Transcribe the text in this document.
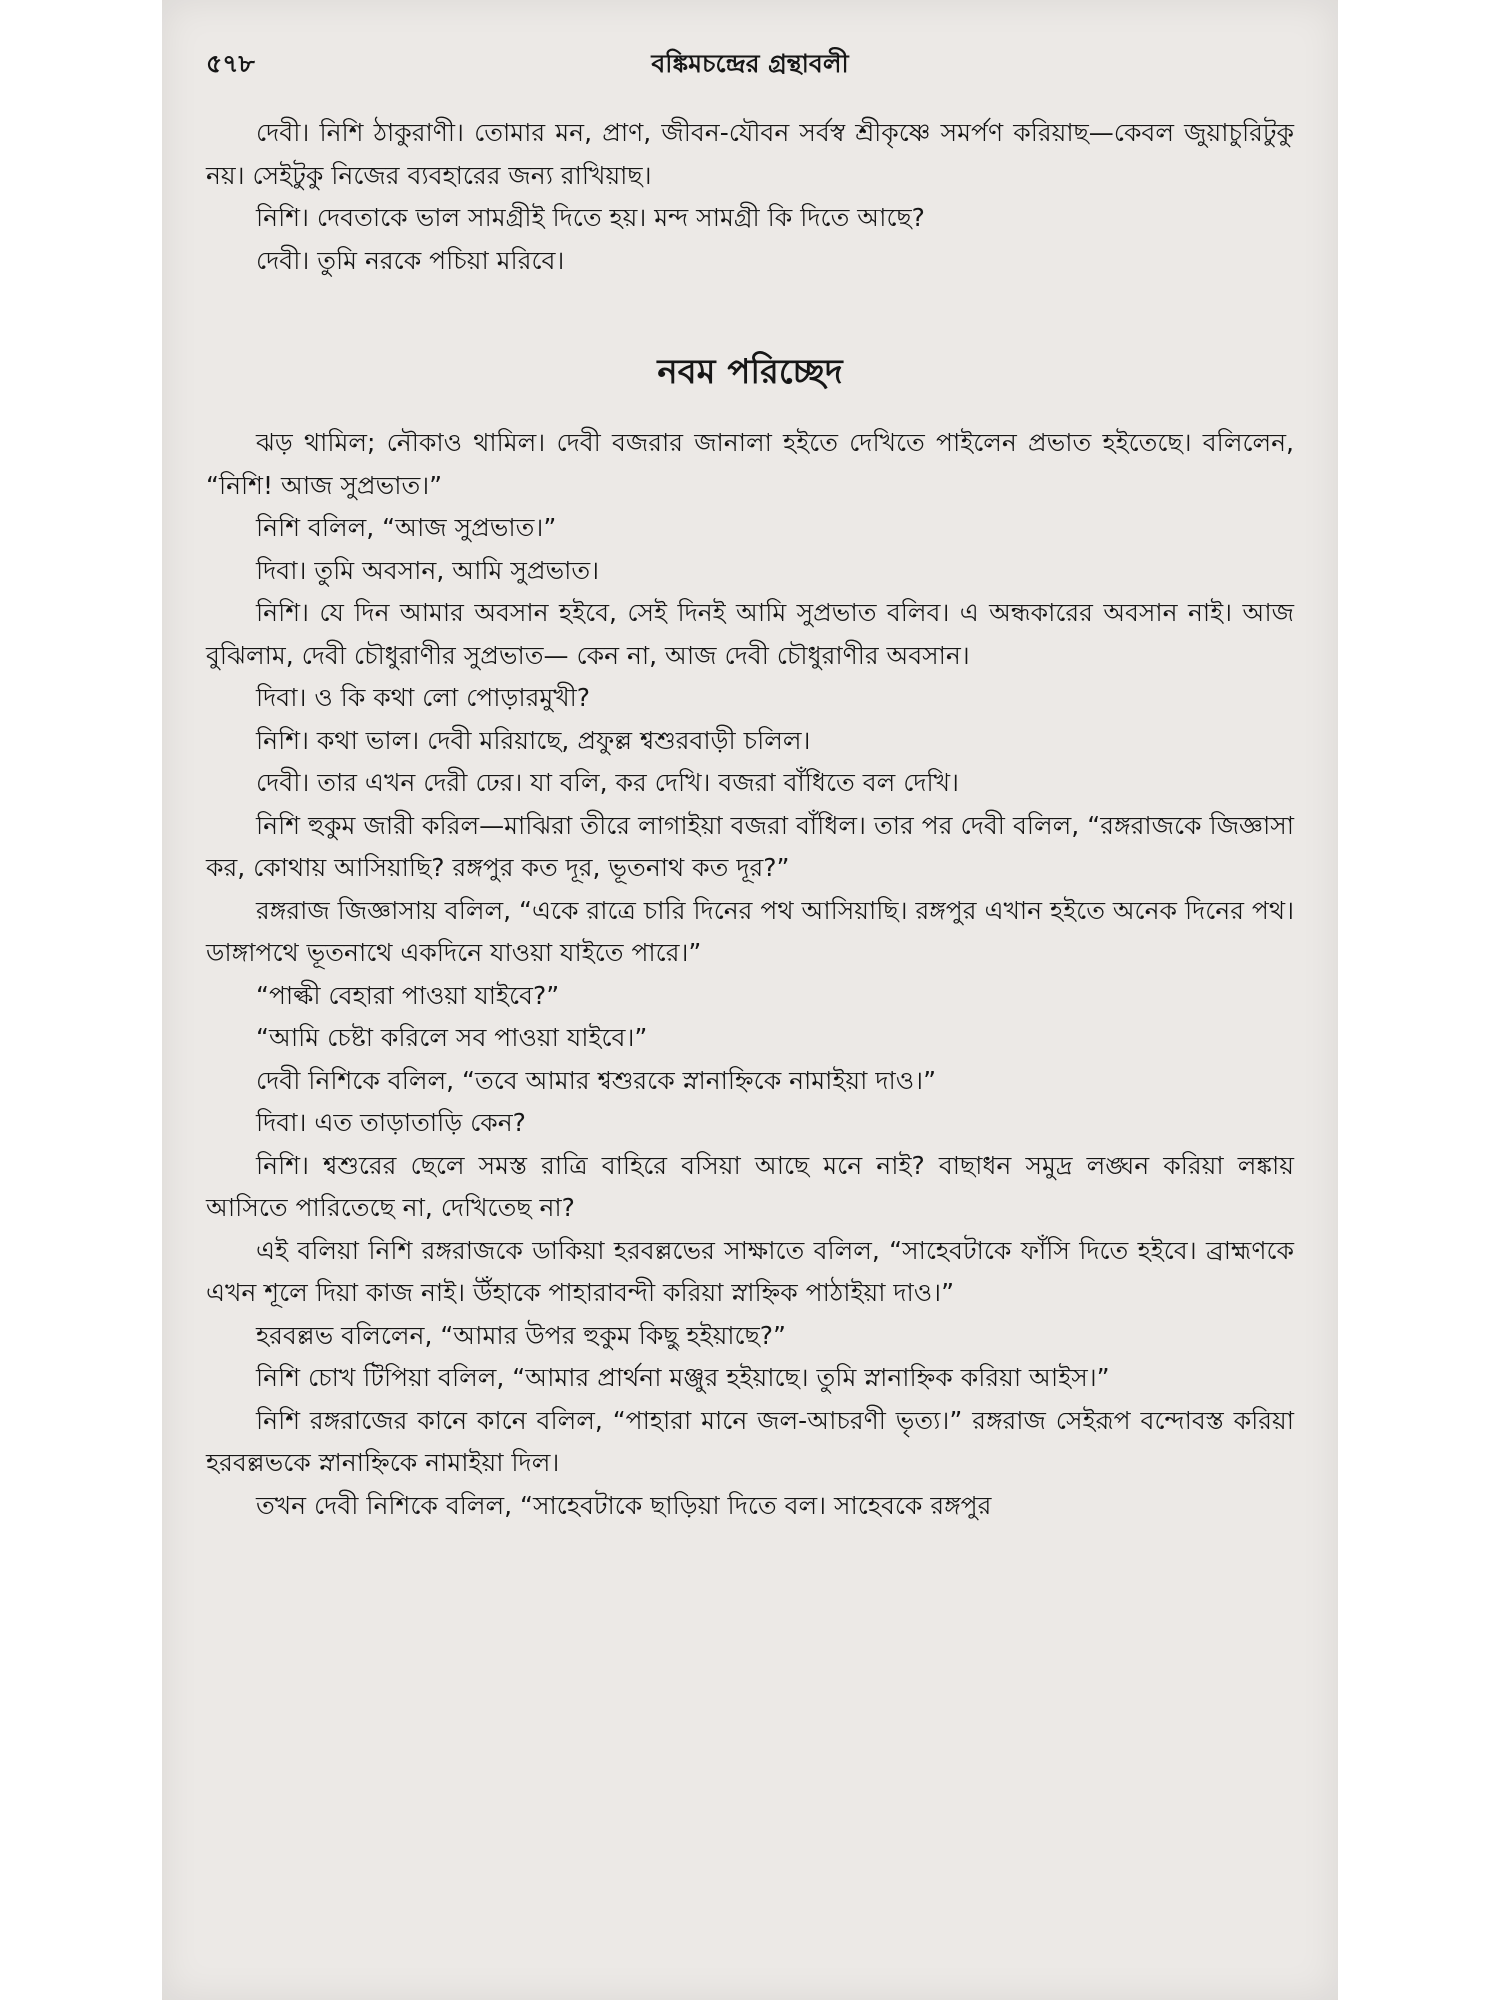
৫৭৮	বঙ্কিমচন্দ্রের গ্রন্থাবলী

দেবী। নিশি ঠাকুরাণী। তোমার মন, প্রাণ, জীবন-যৌবন সর্বস্ব শ্রীকৃষ্ণে সমর্পণ করিয়াছ—কেবল জুয়াচুরিটুকু নয়। সেইটুকু নিজের ব্যবহারের জন্য রাখিয়াছ।

নিশি। দেবতাকে ভাল সামগ্রীই দিতে হয়। মন্দ সামগ্রী কি দিতে আছে?

দেবী। তুমি নরকে পচিয়া মরিবে।

নবম পরিচ্ছেদ

ঝড় থামিল; নৌকাও থামিল। দেবী বজরার জানালা হইতে দেখিতে পাইলেন প্রভাত হইতেছে। বলিলেন, “নিশি! আজ সুপ্রভাত।”

নিশি বলিল, “আজ সুপ্রভাত।”

দিবা। তুমি অবসান, আমি সুপ্রভাত।

নিশি। যে দিন আমার অবসান হইবে, সেই দিনই আমি সুপ্রভাত বলিব। এ অন্ধকারের অবসান নাই। আজ বুঝিলাম, দেবী চৌধুরাণীর সুপ্রভাত— কেন না, আজ দেবী চৌধুরাণীর অবসান।

দিবা। ও কি কথা লো পোড়ারমুখী?

নিশি। কথা ভাল। দেবী মরিয়াছে, প্রফুল্ল শ্বশুরবাড়ী চলিল।

দেবী। তার এখন দেরী ঢের। যা বলি, কর দেখি। বজরা বাঁধিতে বল দেখি।

নিশি হুকুম জারী করিল—মাঝিরা তীরে লাগাইয়া বজরা বাঁধিল। তার পর দেবী বলিল, “রঙ্গরাজকে জিজ্ঞাসা কর, কোথায় আসিয়াছি? রঙ্গপুর কত দূর, ভূতনাথ কত দূর?”

রঙ্গরাজ জিজ্ঞাসায় বলিল, “একে রাত্রে চারি দিনের পথ আসিয়াছি। রঙ্গপুর এখান হইতে অনেক দিনের পথ। ডাঙ্গাপথে ভূতনাথে একদিনে যাওয়া যাইতে পারে।”

“পাল্কী বেহারা পাওয়া যাইবে?”

“আমি চেষ্টা করিলে সব পাওয়া যাইবে।”

দেবী নিশিকে বলিল, “তবে আমার শ্বশুরকে স্নানাহ্নিকে নামাইয়া দাও।”

দিবা। এত তাড়াতাড়ি কেন?

নিশি। শ্বশুরের ছেলে সমস্ত রাত্রি বাহিরে বসিয়া আছে মনে নাই? বাছাধন সমুদ্র লঙ্ঘন করিয়া লঙ্কায় আসিতে পারিতেছে না, দেখিতেছ না?

এই বলিয়া নিশি রঙ্গরাজকে ডাকিয়া হরবল্লভের সাক্ষাতে বলিল, “সাহেবটাকে ফাঁসি দিতে হইবে। ব্রাহ্মণকে এখন শূলে দিয়া কাজ নাই। উঁহাকে পাহারাবন্দী করিয়া স্নাহ্নিক পাঠাইয়া দাও।”

হরবল্লভ বলিলেন, “আমার উপর হুকুম কিছু হইয়াছে?”

নিশি চোখ টিপিয়া বলিল, “আমার প্রার্থনা মঞ্জুর হইয়াছে। তুমি স্নানাহ্নিক করিয়া আইস।”

নিশি রঙ্গরাজের কানে কানে বলিল, “পাহারা মানে জল-আচরণী ভৃত্য।” রঙ্গরাজ সেইরূপ বন্দোবস্ত করিয়া হরবল্লভকে স্নানাহ্নিকে নামাইয়া দিল।

তখন দেবী নিশিকে বলিল, “সাহেবটাকে ছাড়িয়া দিতে বল। সাহেবকে রঙ্গপুর
